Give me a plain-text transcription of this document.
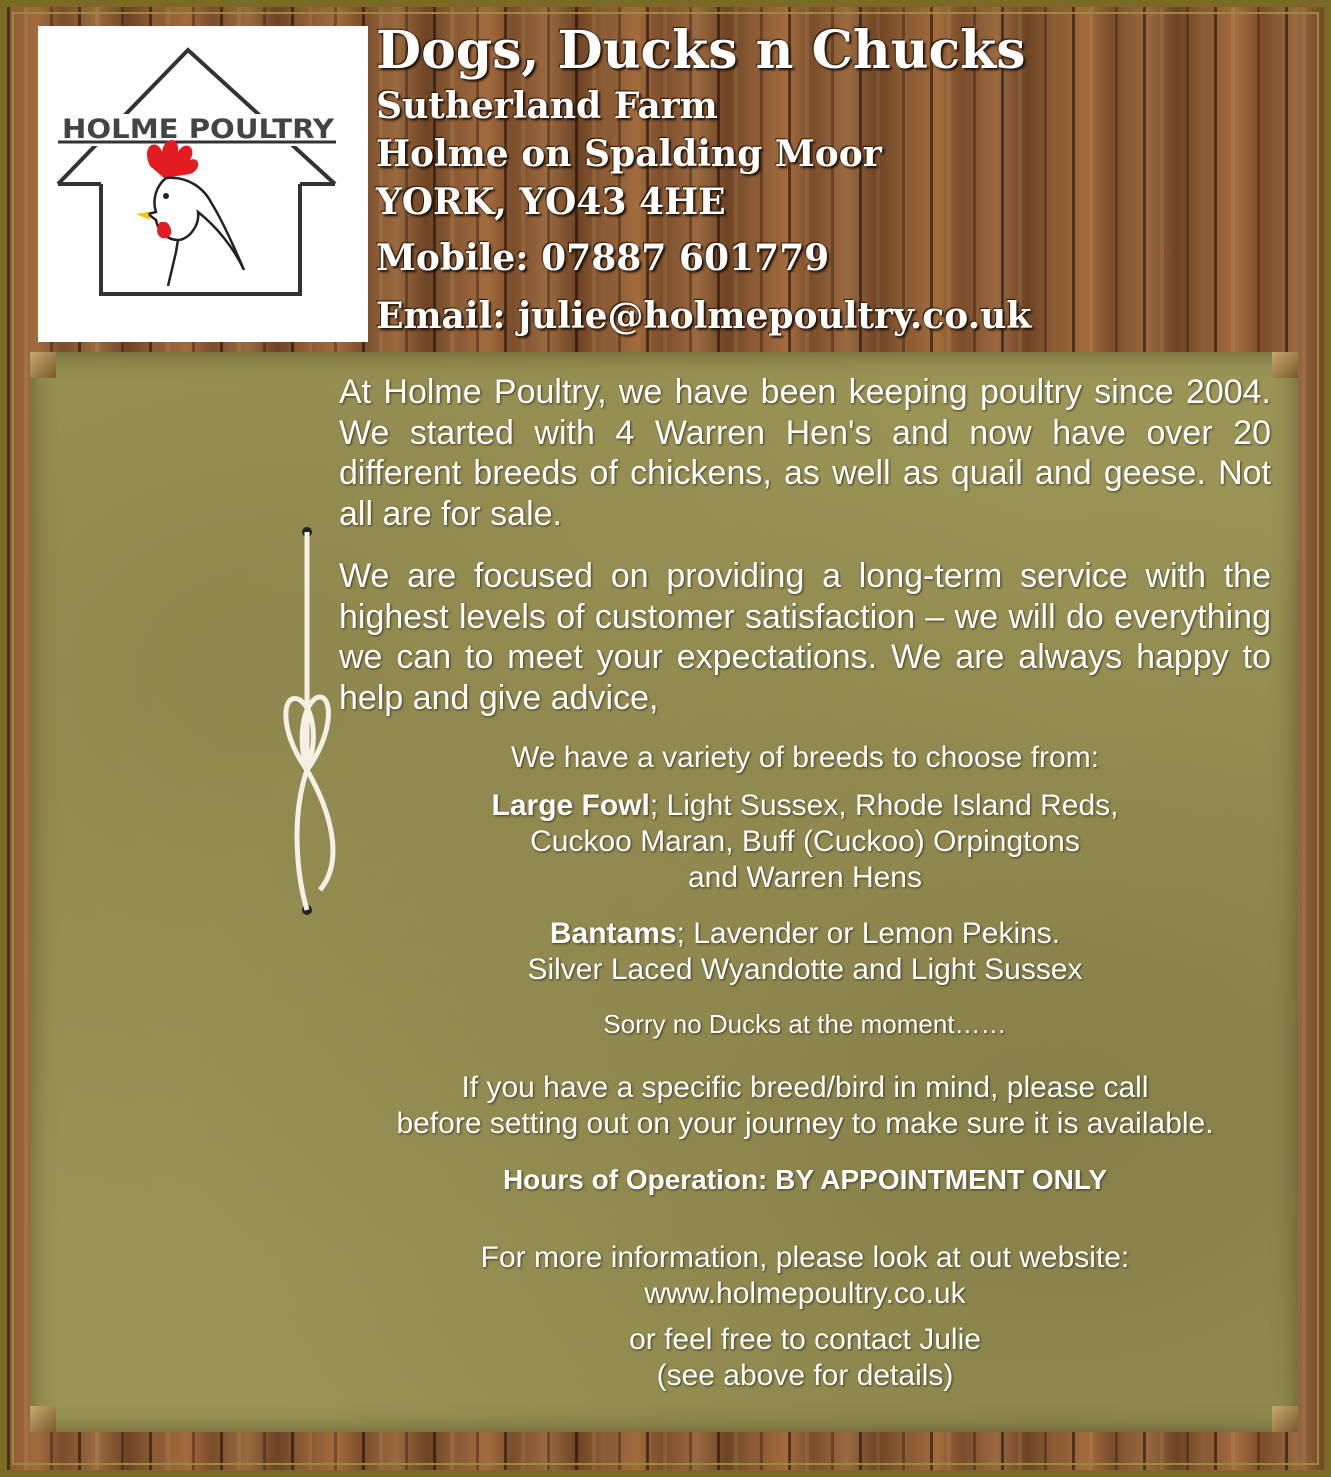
HOLME POULTRY

Dogs, Ducks n Chucks

Sutherland Farm

Holme on Spalding Moor

YORK, YO43 4HE

Mobile: 07887 601779

Email: julie@holmepoultry.co.uk

At Holme Poultry, we have been keeping poultry since 2004. We started with 4 Warren Hen's and now have over 20 different breeds of chickens, as well as quail and geese. Not all are for sale.

We are focused on providing a long-term service with the highest levels of customer satisfaction – we will do everything we can to meet your expectations. We are always happy to help and give advice,

We have a variety of breeds to choose from:

Large Fowl; Light Sussex, Rhode Island Reds,

Cuckoo Maran, Buff (Cuckoo) Orpingtons

and Warren Hens

Bantams; Lavender or Lemon Pekins.

Silver Laced Wyandotte and Light Sussex

Sorry no Ducks at the moment……

If you have a specific breed/bird in mind, please call

before setting out on your journey to make sure it is available.

Hours of Operation: BY APPOINTMENT ONLY

For more information, please look at out website:

www.holmepoultry.co.uk

or feel free to contact Julie

(see above for details)
